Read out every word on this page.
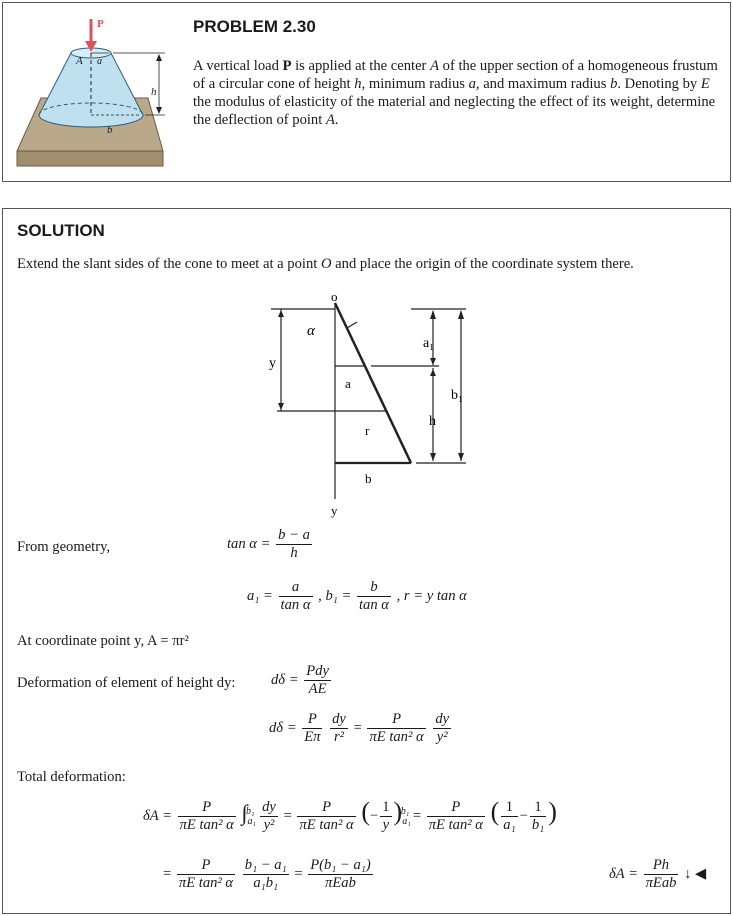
P
A a
b
h
PROBLEM 2.30
A vertical load P is applied at the center A of the upper section of a homogeneous frustum of a circular cone of height h, minimum radius a, and maximum radius b. Denoting by E the modulus of elasticity of the material and neglecting the effect of its weight, determine the deflection of point A.
SOLUTION
Extend the slant sides of the cone to meet at a point O and place the origin of the coordinate system there.
o
α
a₁
b₁
y
a
r
h
b
y
From geometry,	$\tan \alpha = \frac{b - a}{h}$
$a_1 = \frac{a}{\text{tan α}}$ , $b_1 = \frac{b}{\text{tan α}}$ , r = y tan α
At coordinate point y, A = πr²
Deformation of element of height dy: $d\delta = \frac{\text{Pdy}}{AE}$
$d\delta = \frac{P}{E\pi}$
$\frac{dy}{\text{r²}} = \frac{P}{\text{πE tan² α}}$
$\frac{dy}{\text{y²}}$
Total deformation:
$\delta A = \frac{P}{\text{πE tan² α}} \int_{a_1}^{b_1} \frac{dy}{\text{y²}} = \frac{P}{\text{πE tan² α}}$ (− $\frac{1}{y} )_{a_1}^{b_1} = \frac{P}{\text{πE tan² α}}$ ( $\frac{1}{\text{a₁}} - \frac{1}{\text{b₁}}$ )
= $\frac{P}{\text{πE tan² α}}$
$\frac{\text{b₁ − a₁}}{\text{a₁b₁}} = \frac{\text{P(b₁ − a₁)}}{\text{πEab}}$	$\delta A = \frac{Ph}{\text{πEab}}$ ↓ ◀
